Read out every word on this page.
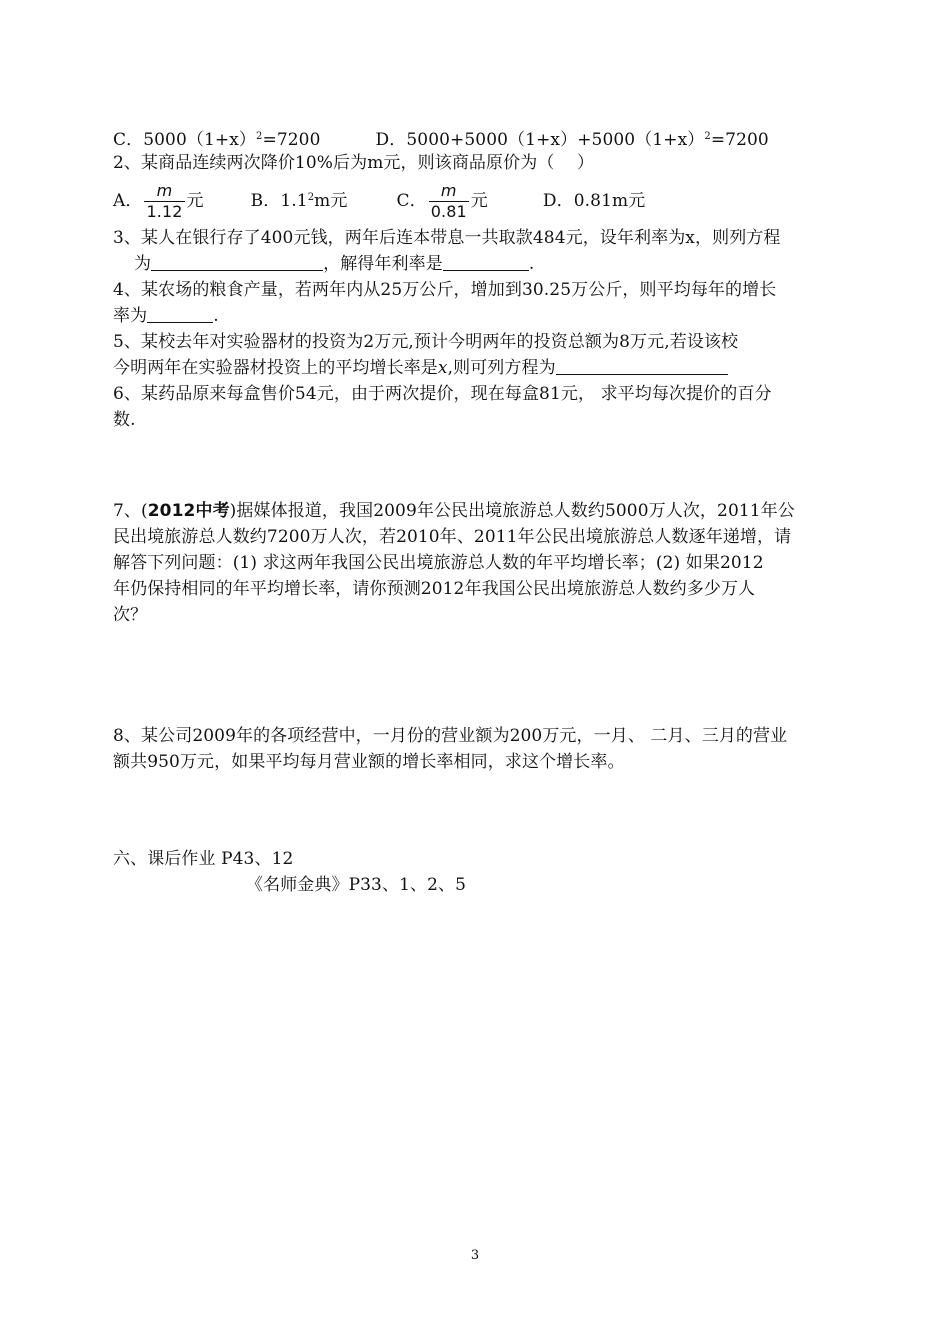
C．$5000(1+x)^2=7200$	D．$5000+5000(1+x)+5000(1+x)^2=7200$
2、某商品连续两次降价10%后为m元，则该商品原价为（　 ）
A． $\frac{m}{1.12}$ 元	B．$1.1^2m$元	C． $\frac{m}{0.81}$ 元	D．0.81m元
3、某人在银行存了400元钱，两年后连本带息一共取款484元，设年利率为x，则列方程
为	，解得年利率是	.
4、某农场的粮食产量，若两年内从25万公斤，增加到30.25万公斤，则平均每年的增长
率为	.
5、某校去年对实验器材的投资为2万元,预计今明两年的投资总额为8万元,若设该校
今明两年在实验器材投资上的平均增长率是x,则可列方程为
6、某药品原来每盒售价54元，由于两次提价，现在每盒81元， 求平均每次提价的百分
数.
7、(2012中考)据媒体报道，我国2009年公民出境旅游总人数约5000万人次，2011年公
民出境旅游总人数约7200万人次，若2010年、2011年公民出境旅游总人数逐年递增，请
解答下列问题：(1) 求这两年我国公民出境旅游总人数的年平均增长率；(2) 如果2012
年仍保持相同的年平均增长率，请你预测2012年我国公民出境旅游总人数约多少万人
次？
8、某公司2009年的各项经营中，一月份的营业额为200万元，一月、 二月、三月的营业
额共950万元，如果平均每月营业额的增长率相同，求这个增长率。
六、课后作业 P43、12
《名师金典》P33、1、2、5
3
